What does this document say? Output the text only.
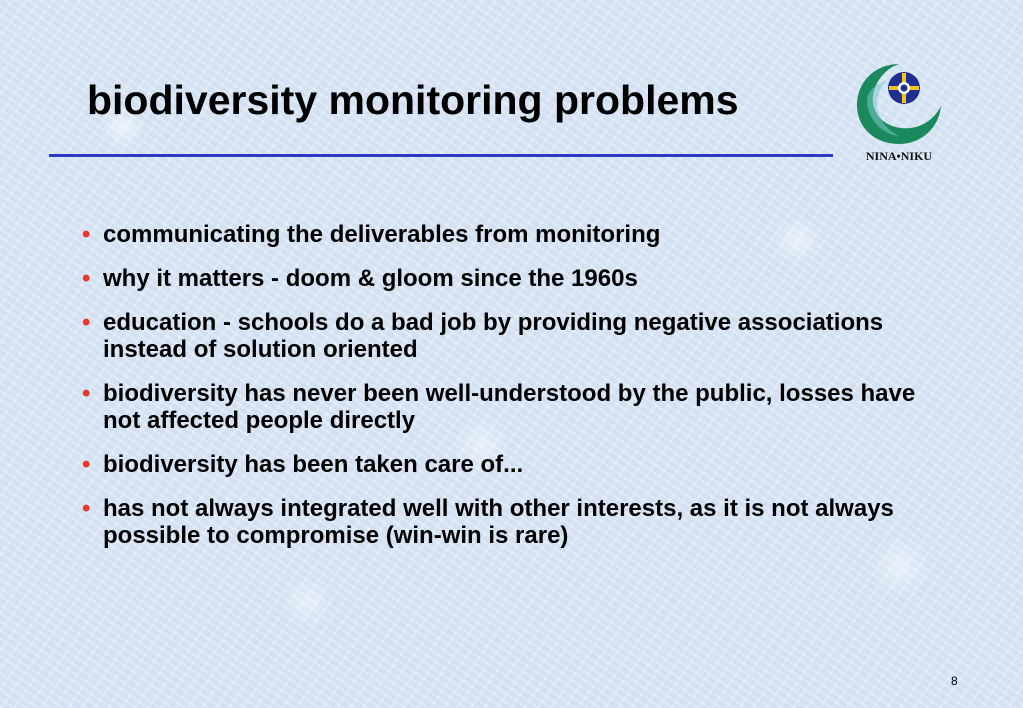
biodiversity monitoring problems
NINA•NIKU
• communicating the deliverables from monitoring
• why it matters - doom & gloom since the 1960s
• education - schools do a bad job by providing negative associations instead of solution oriented
• biodiversity has never been well-understood by the public, losses have not affected people directly
• biodiversity has been taken care of...
• has not always integrated well with other interests, as it is not always possible to compromise (win-win is rare)
8
